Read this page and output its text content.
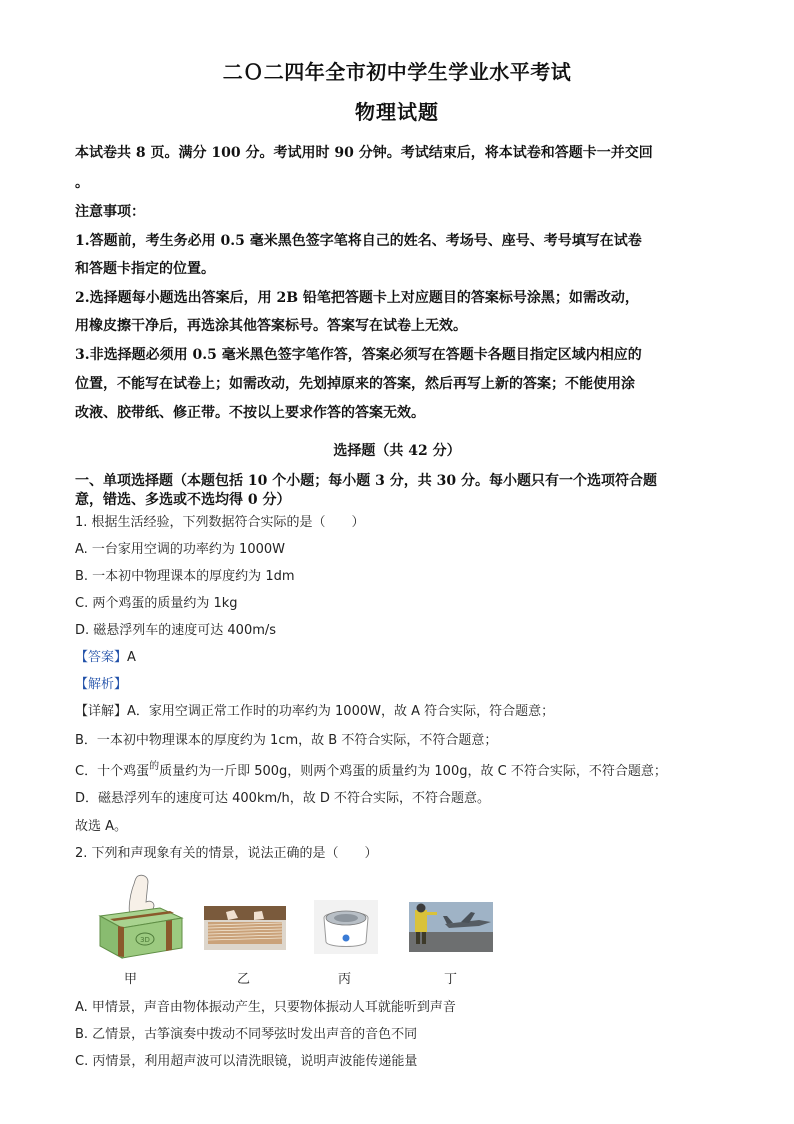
二Ｏ二四年全市初中学生学业水平考试
物理试题
本试卷共 8 页。满分 100 分。考试用时 90 分钟。考试结束后，将本试卷和答题卡一并交回
。
注意事项：
1.答题前，考生务必用 0.5 毫米黑色签字笔将自己的姓名、考场号、座号、考号填写在试卷
和答题卡指定的位置。
2.选择题每小题选出答案后，用 2B 铅笔把答题卡上对应题目的答案标号涂黑；如需改动，
用橡皮擦干净后，再选涂其他答案标号。答案写在试卷上无效。
3.非选择题必须用 0.5 毫米黑色签字笔作答，答案必须写在答题卡各题目指定区域内相应的
位置，不能写在试卷上；如需改动，先划掉原来的答案，然后再写上新的答案；不能使用涂
改液、胶带纸、修正带。不按以上要求作答的答案无效。
选择题（共 42 分）
一、单项选择题（本题包括 10 个小题；每小题 3 分，共 30 分。每小题只有一个选项符合题
意，错选、多选或不选均得 0 分）
1. 根据生活经验，下列数据符合实际的是（　　）
A. 一台家用空调的功率约为 1000W
B. 一本初中物理课本的厚度约为 1dm
C. 两个鸡蛋的质量约为 1kg
D. 磁悬浮列车的速度可达 400m/s
【答案】A
【解析】
【详解】A．家用空调正常工作时的功率约为 1000W，故 A 符合实际，符合题意；
B．一本初中物理课本的厚度约为 1cm，故 B 不符合实际，不符合题意；
C．十个鸡蛋$^的$质量约为一斤即 500g，则两个鸡蛋的质量约为 100g，故 C 不符合实际，不符合题意；
D．磁悬浮列车的速度可达 400km/h，故 D 不符合实际，不符合题意。
故选 A。
2. 下列和声现象有关的情景，说法正确的是（　　）
3D
甲	乙	丙	丁
A. 甲情景，声音由物体振动产生，只要物体振动人耳就能听到声音
B. 乙情景，古筝演奏中拨动不同琴弦时发出声音的音色不同
C. 丙情景，利用超声波可以清洗眼镜，说明声波能传递能量
